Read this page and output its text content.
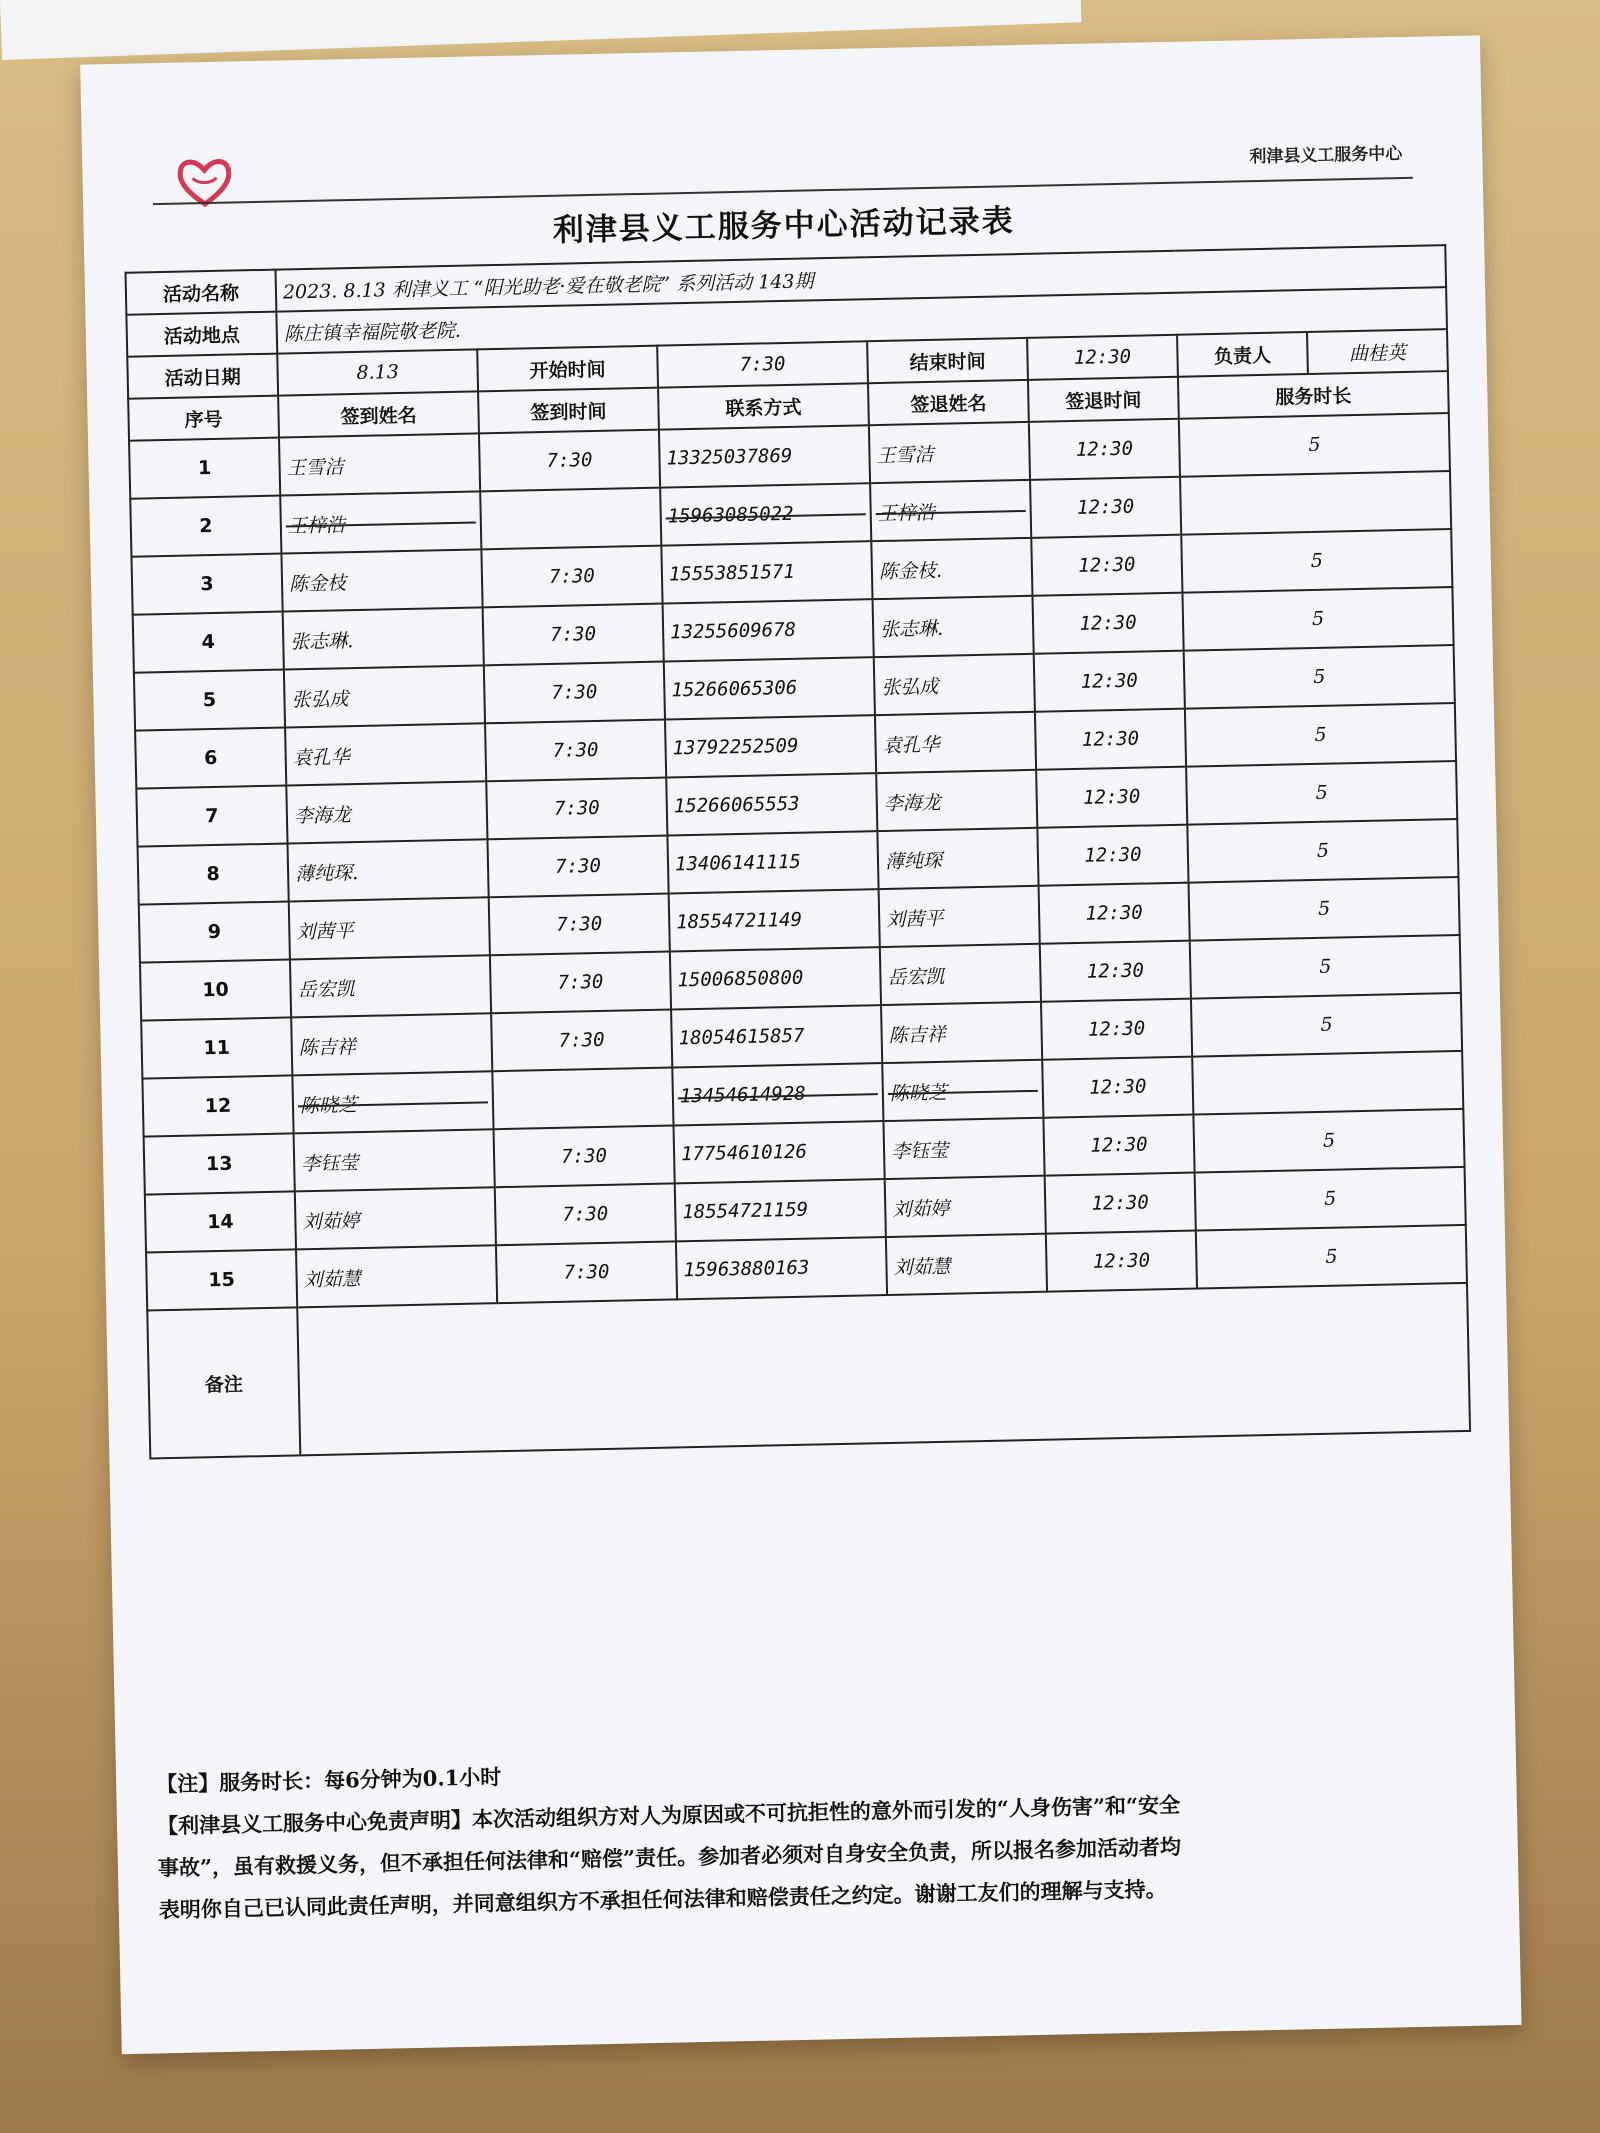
利津县义工服务中心
利津县义工服务中心活动记录表
活动名称	2023. 8.13 利津义工 “阳光助老·爱在敬老院” 系列活动 143期						
活动地点	陈庄镇幸福院敬老院.						
活动日期	8.13	开始时间	7:30	结束时间	12:30	负责人	曲桂英
序号	签到姓名	签到时间	联系方式	签退姓名	签退时间	服务时长	
1	王雪洁	7:30	13325037869	王雪洁	12:30	5	
2	王梓浩		15963085022	王梓浩	12:30		
3	陈金枝	7:30	15553851571	陈金枝.	12:30	5	
4	张志琳.	7:30	13255609678	张志琳.	12:30	5	
5	张弘成	7:30	15266065306	张弘成	12:30	5	
6	袁孔华	7:30	13792252509	袁孔华	12:30	5	
7	李海龙	7:30	15266065553	李海龙	12:30	5	
8	薄纯琛.	7:30	13406141115	薄纯琛	12:30	5	
9	刘茜平	7:30	18554721149	刘茜平	12:30	5	
10	岳宏凯	7:30	15006850800	岳宏凯	12:30	5	
11	陈吉祥	7:30	18054615857	陈吉祥	12:30	5	
12	陈晓芝		13454614928	陈晓芝	12:30		
13	李钰莹	7:30	17754610126	李钰莹	12:30	5	
14	刘茹婷	7:30	18554721159	刘茹婷	12:30	5	
15	刘茹慧	7:30	15963880163	刘茹慧	12:30	5	
备注							
【注】服务时长：每6分钟为0.1小时
【利津县义工服务中心免责声明】本次活动组织方对人为原因或不可抗拒性的意外而引发的“人身伤害”和“安全
事故”，虽有救援义务，但不承担任何法律和“赔偿”责任。参加者必须对自身安全负责，所以报名参加活动者均
表明你自己已认同此责任声明，并同意组织方不承担任何法律和赔偿责任之约定。谢谢工友们的理解与支持。
